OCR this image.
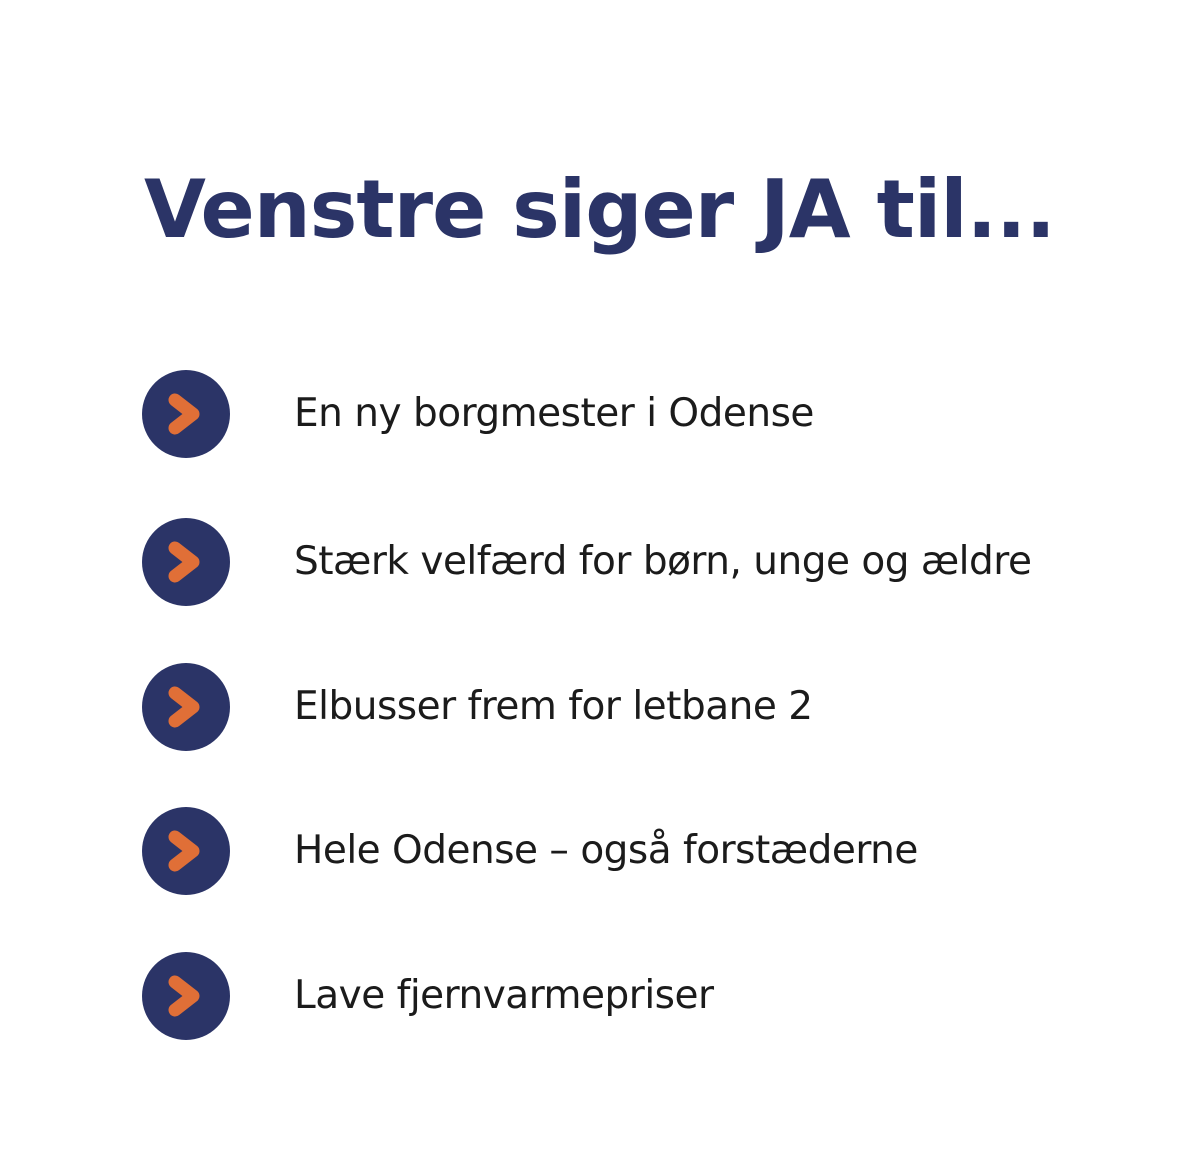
Venstre siger JA til...
En ny borgmester i Odense
Stærk velfærd for børn, unge og ældre
Elbusser frem for letbane 2
Hele Odense – også forstæderne
Lave fjernvarmepriser
